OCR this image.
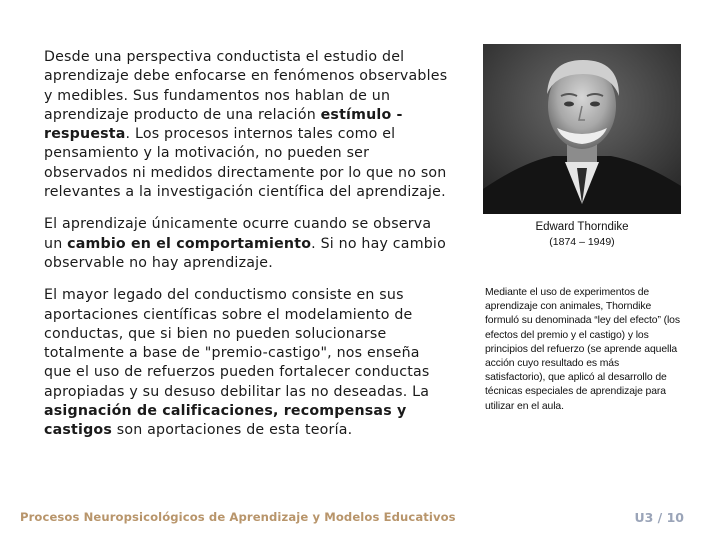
Desde una perspectiva conductista el estudio del aprendizaje debe enfocarse en fenómenos observables y medibles. Sus fundamentos nos hablan de un aprendizaje producto de una relación estímulo - respuesta. Los procesos internos tales como el pensamiento y la motivación, no pueden ser observados ni medidos directamente por lo que no son relevantes a la investigación científica del aprendizaje.

El aprendizaje únicamente ocurre cuando se observa un cambio en el comportamiento. Si no hay cambio observable no hay aprendizaje.

El mayor legado del conductismo consiste en sus aportaciones científicas sobre el modelamiento de conductas, que si bien no pueden solucionarse totalmente a base de "premio-castigo", nos enseña que el uso de refuerzos pueden fortalecer conductas apropiadas y su desuso debilitar las no deseadas. La asignación de calificaciones, recompensas y castigos son aportaciones de esta teoría.

Edward Thorndike
(1874 – 1949)
Mediante el uso de experimentos de aprendizaje con animales, Thorndike formuló su denominada “ley del efecto” (los efectos del premio y el castigo) y los principios del refuerzo (se aprende aquella acción cuyo resultado es más satisfactorio), que aplicó al desarrollo de técnicas especiales de aprendizaje para utilizar en el aula.
Procesos Neuropsicológicos de Aprendizaje y Modelos Educativos	U3 / 10
